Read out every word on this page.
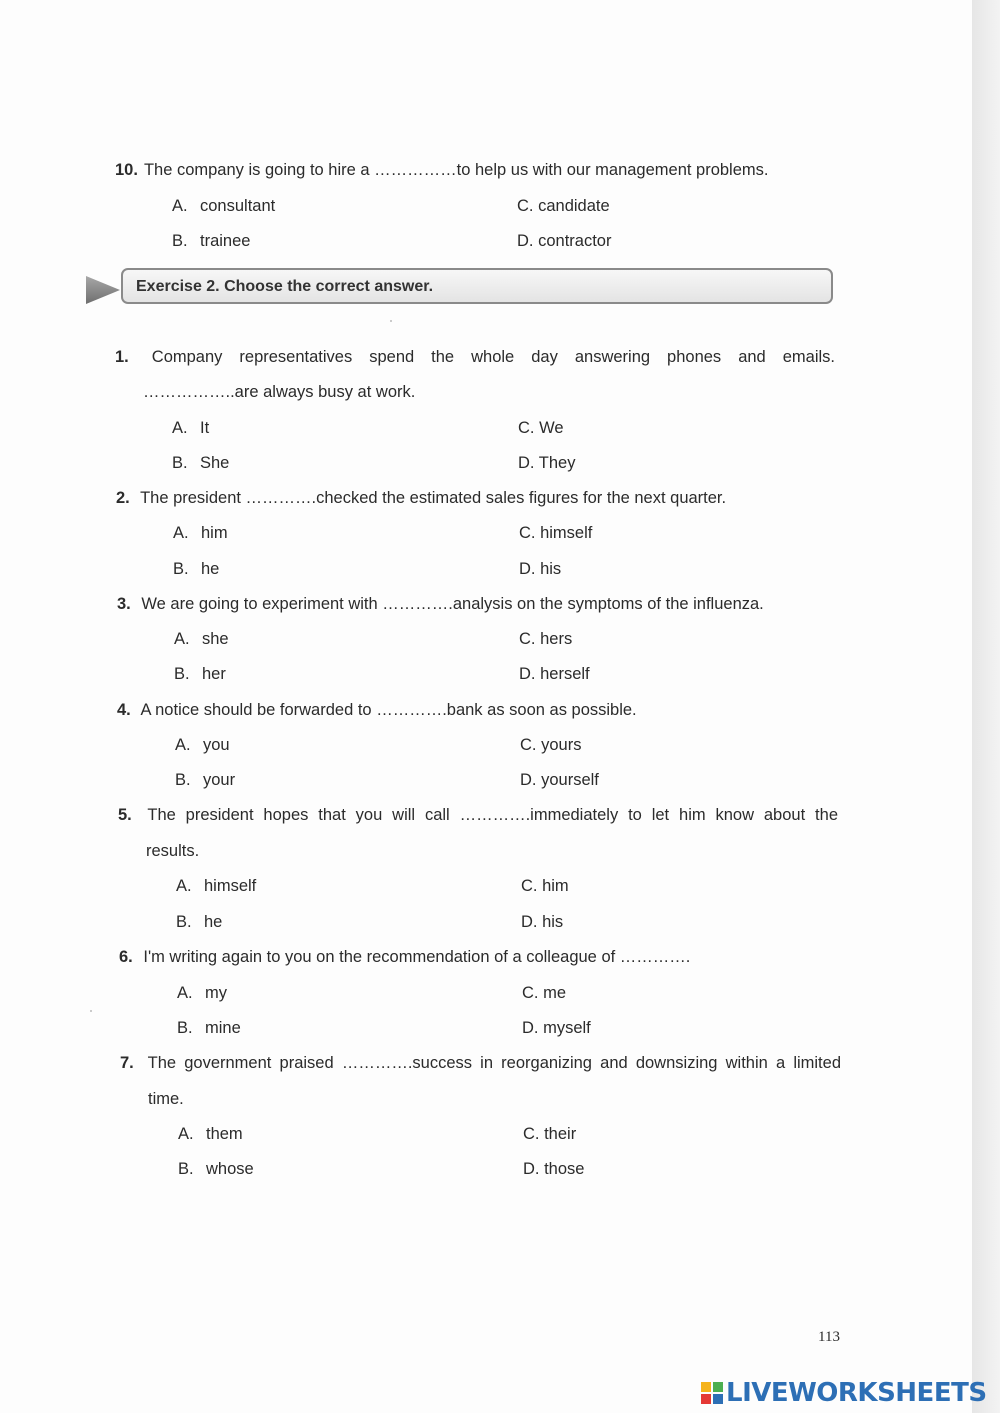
10. The company is going to hire a ……………to help us with our management problems.
A. consultant
B. trainee
C. candidate
D. contractor
Exercise 2. Choose the correct answer.
1. Company representatives spend the whole day answering phones and emails.
……………..are always busy at work.
A. It
B. She
C. We
D. They
2. The president ………….checked the estimated sales figures for the next quarter.
A. him
B. he
C. himself
D. his
3. We are going to experiment with ………….analysis on the symptoms of the influenza.
A. she
B. her
C. hers
D. herself
4. A notice should be forwarded to ………….bank as soon as possible.
A. you
B. your
C. yours
D. yourself
5. The president hopes that you will call ………….immediately to let him know about the
results.
A. himself
B. he
C. him
D. his
6. I'm writing again to you on the recommendation of a colleague of ………….
A. my
B. mine
C. me
D. myself
7. The government praised ………….success in reorganizing and downsizing within a limited
time.
A. them
B. whose
C. their
D. those
113
LIVEWORKSHEETS
